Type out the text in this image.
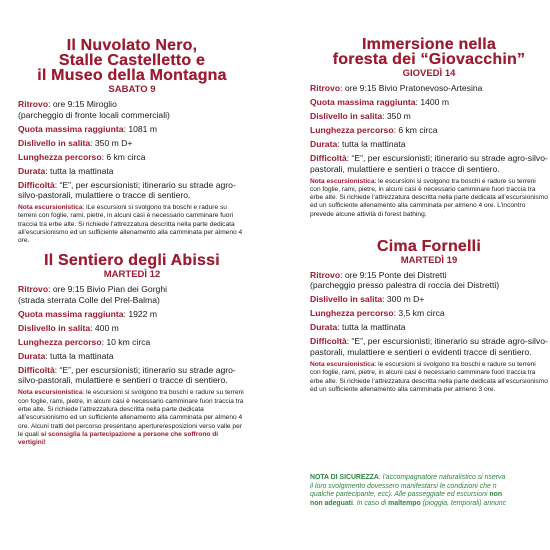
Il Nuvolato Nero,
Stalle Castelletto e
il Museo della Montagna
SABATO 9

Ritrovo: ore 9:15 Miroglio
(parcheggio di fronte locali commerciali)

Quota massima raggiunta: 1081 m

Dislivello in salita: 350 m D+

Lunghezza percorso: 6 km circa

Durata: tutta la mattinata

Difficoltà: “E”, per escursionisti; itinerario su strade agro-silvo-pastorali, mulattiere o tracce di sentiero.

Nota escursionistica: lLe escursioni si svolgono tra boschi e radure su terreni con foglie, rami, pietre, in alcuni casi è necessario camminare fuori traccia tra erbe alte. Si richiede l’attrezzatura descritta nella parte dedicata all’escursionismo ed un sufficiente allenamento alla camminata per almeno 4 ore.

Il Sentiero degli Abissi
MARTEDÌ 12

Ritrovo: ore 9:15 Bivio Pian dei Gorghi
(strada sterrata Colle del Prel-Balma)

Quota massima raggiunta: 1922 m

Dislivello in salita: 400 m

Lunghezza percorso: 10 km circa

Durata: tutta la mattinata

Difficoltà: “E”, per escursionisti; itinerario su strade agro-silvo-pastorali, mulattiere e sentieri o tracce di sentiero.

Nota escursionistica: le escursioni si svolgono tra boschi e radure su terreni con foglie, rami, pietre, in alcuni casi è necessario camminare fuori traccia tra erbe alte. Si richiede l’attrezzatura descritta nella parte dedicata all’escursionismo ed un sufficiente allenamento alla camminata per almeno 4 ore. Alcuni tratti del percorso presentano aperture/esposizioni verso valle per le quali si sconsiglia la partecipazione a persone che soffrono di vertigini!

Immersione nella
foresta dei “Giovacchin”
GIOVEDÌ 14

Ritrovo: ore 9:15 Bivio Pratonevoso-Artesina

Quota massima raggiunta: 1400 m

Dislivello in salita: 350 m

Lunghezza percorso: 6 km circa

Durata: tutta la mattinata

Difficoltà: “E”, per escursionisti; itinerario su strade agro-silvo-pastorali, mulattiere e sentieri o tracce di sentiero.

Nota escursionistica: le escursioni si svolgono tra boschi e radure su terreni con foglie, rami, pietre, in alcuni casi è necessario camminare fuori traccia tra erbe alte. Si richiede l’attrezzatura descritta nella parte dedicata all’escursionismo ed un sufficiente allenamento alla camminata per almeno 4 ore. L’incontro prevede alcune attività di forest bathing.

Cima Fornelli
MARTEDÌ 19

Ritrovo: ore 9:15 Ponte dei Distretti
(parcheggio presso palestra di roccia dei Distretti)

Dislivello in salita: 300 m D+

Lunghezza percorso: 3,5 km circa

Durata: tutta la mattinata

Difficoltà: “E”, per escursionisti; itinerario su strade agro-silvo-pastorali, mulattiere e sentieri o evidenti tracce di sentiero.

Nota escursionistica: le escursioni si svolgono tra boschi e radure su terreni con foglie, rami, pietre, in alcuni casi è necessario camminare fuori traccia tra erbe alte. Si richiede l’attrezzatura descritta nella parte dedicata all’escursionismo ed un sufficiente allenamento alla camminata per almeno 3 ore.

NOTA DI SICUREZZA: l’accompagnatore naturalistico si riserva
il loro svolgimento dovessero manifestarsi le condizioni che n
qualche partecipante, ecc). Alle passeggiate ed escursioni non
non adeguati. In caso di maltempo (pioggia, temporali) annunc
